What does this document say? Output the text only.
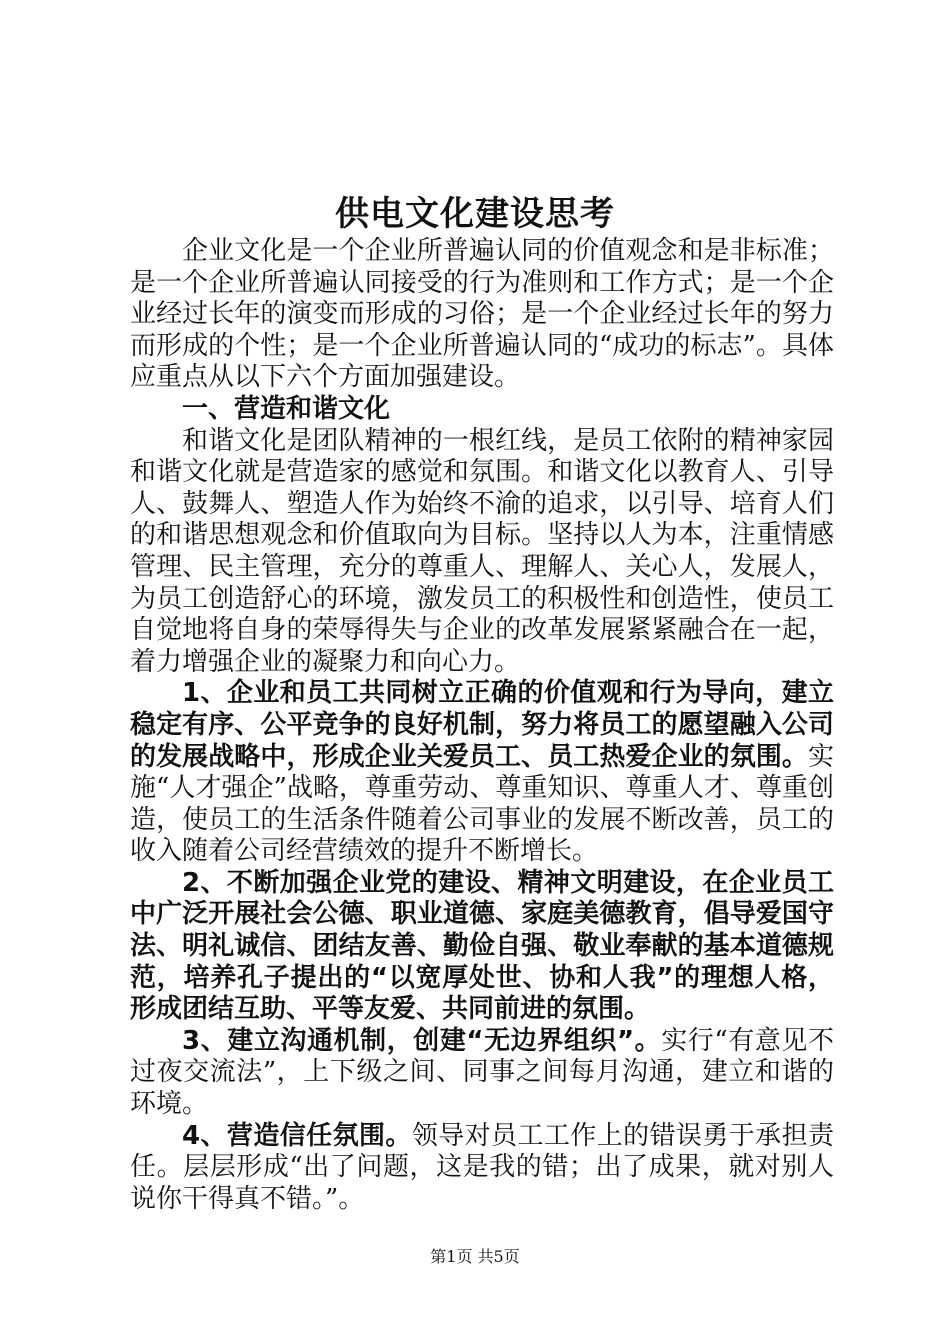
供电文化建设思考

企业文化是一个企业所普遍认同的价值观念和是非标准；是一个企业所普遍认同接受的行为准则和工作方式；是一个企业经过长年的演变而形成的习俗；是一个企业经过长年的努力而形成的个性；是一个企业所普遍认同的“成功的标志”。具体应重点从以下六个方面加强建设。

一、营造和谐文化

和谐文化是团队精神的一根红线，是员工依附的精神家园和谐文化就是营造家的感觉和氛围。和谐文化以教育人、引导人、鼓舞人、塑造人作为始终不渝的追求，以引导、培育人们的和谐思想观念和价值取向为目标。坚持以人为本，注重情感管理、民主管理，充分的尊重人、理解人、关心人，发展人，为员工创造舒心的环境，激发员工的积极性和创造性，使员工自觉地将自身的荣辱得失与企业的改革发展紧紧融合在一起，着力增强企业的凝聚力和向心力。

1、企业和员工共同树立正确的价值观和行为导向，建立稳定有序、公平竞争的良好机制，努力将员工的愿望融入公司的发展战略中，形成企业关爱员工、员工热爱企业的氛围。实施“人才强企”战略，尊重劳动、尊重知识、尊重人才、尊重创造，使员工的生活条件随着公司事业的发展不断改善，员工的收入随着公司经营绩效的提升不断增长。

2、不断加强企业党的建设、精神文明建设，在企业员工中广泛开展社会公德、职业道德、家庭美德教育，倡导爱国守法、明礼诚信、团结友善、勤俭自强、敬业奉献的基本道德规范，培养孔子提出的“以宽厚处世、协和人我”的理想人格，形成团结互助、平等友爱、共同前进的氛围。

3、建立沟通机制，创建“无边界组织”。实行“有意见不过夜交流法”，上下级之间、同事之间每月沟通，建立和谐的环境。

4、营造信任氛围。领导对员工工作上的错误勇于承担责任。层层形成“出了问题，这是我的错；出了成果，就对别人说你干得真不错。”。

第1页 共5页
